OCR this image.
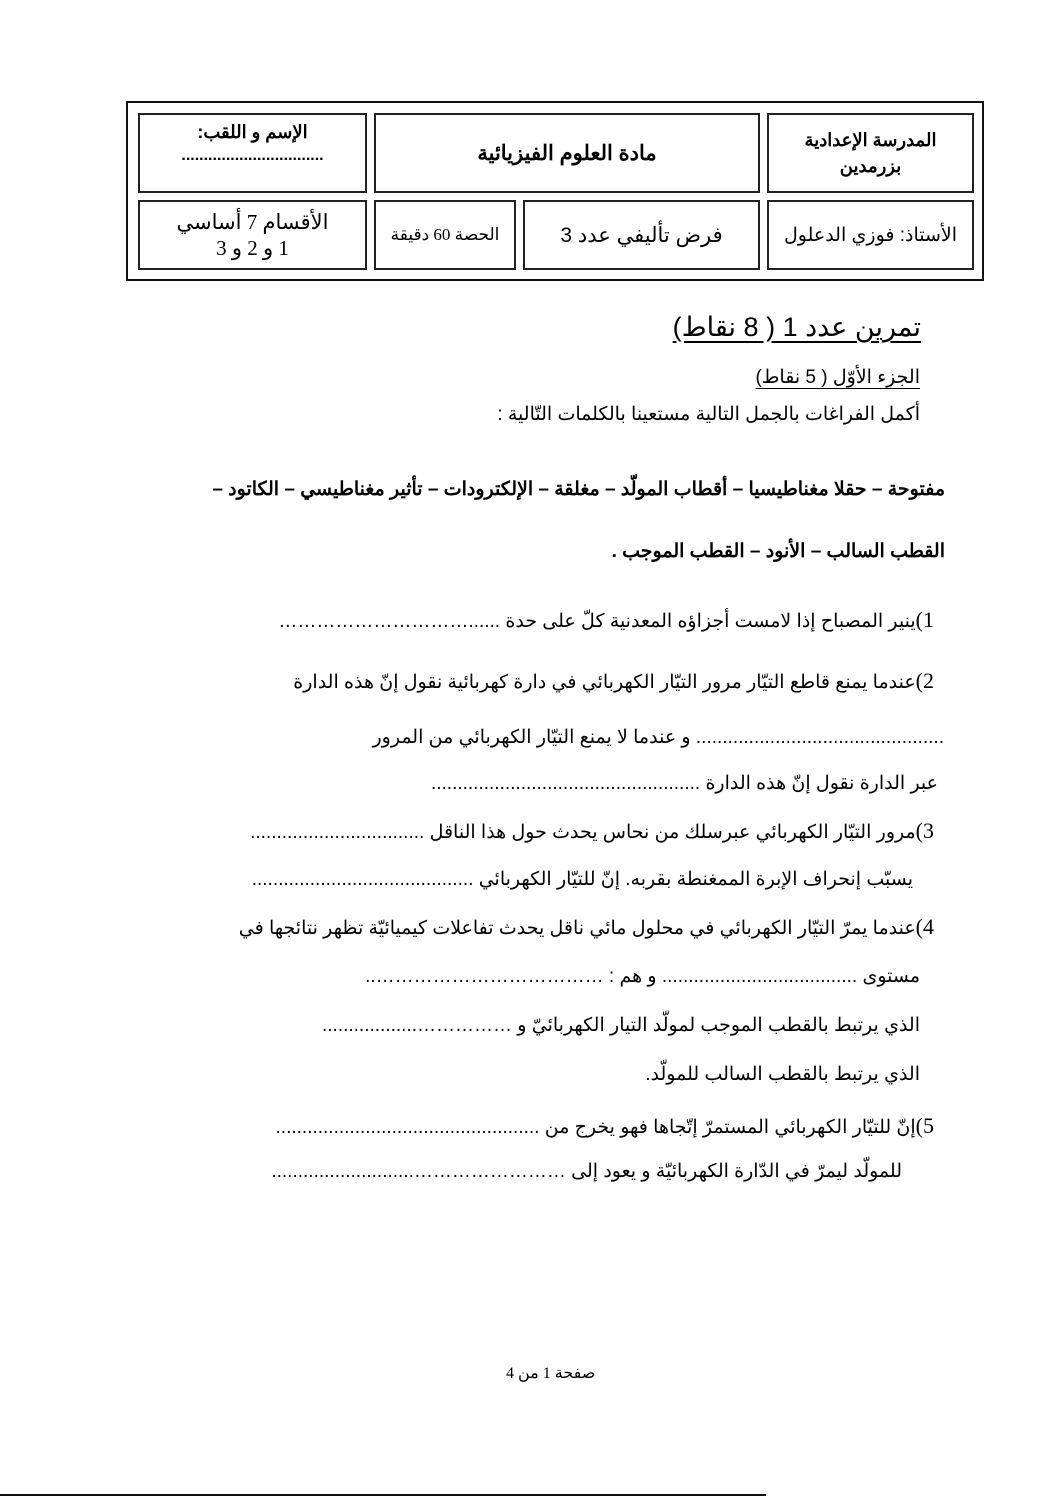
المدرسة الإعدادية
بزرمدين
مادة العلوم الفيزيائية
الإسم و اللقب:
................................
الأستاذ: فوزي الدعلول
فرض تأليفي عدد 3
الحصة 60 دقيقة
الأقسام 7 أساسي
1 و 2 و 3
تمرين عدد 1 ( 8 نقاط)
الجزء الأوّل ( 5 نقاط)
أكمل الفراغات بالجمل التالية مستعينا بالكلمات التّالية :
مفتوحة – حقلا مغناطيسيا – أقطاب المولّد – مغلقة – الإلكترودات – تأثير مغناطيسي – الكاتود –
القطب السالب – الأنود – القطب الموجب .
1)ينير المصباح إذا لامست أجزاؤه المعدنية كلّ على حدة ......…………………………
2)عندما يمنع قاطع التيّار مرور التيّار الكهربائي في دارة كهربائية نقول إنّ هذه الدارة
............................................... و عندما لا يمنع التيّار الكهربائي من المرور
عبر الدارة نقول إنّ هذه الدارة ...................................................
3)مرور التيّار الكهربائي عبرسلك من نحاس يحدث حول هذا الناقل .................................
يسبّب إنحراف الإبرة الممغنطة بقربه. إنّ للتيّار الكهربائي ..........................................
4)عندما يمرّ التيّار الكهربائي في محلول مائي ناقل يحدث تفاعلات كيميائيّة تظهر نتائجها في
مستوى ..................................... و هم : ………………………………..
الذي يرتبط بالقطب الموجب لمولّد التيار الكهربائيّ و ……………..................
الذي يرتبط بالقطب السالب للمولّد.
5)إنّ للتيّار الكهربائي المستمرّ إتّجاها فهو يخرج من ..................................................
للمولّد ليمرّ في الدّارة الكهربائيّة و يعود إلى ……………………...........................
صفحة 1 من 4
